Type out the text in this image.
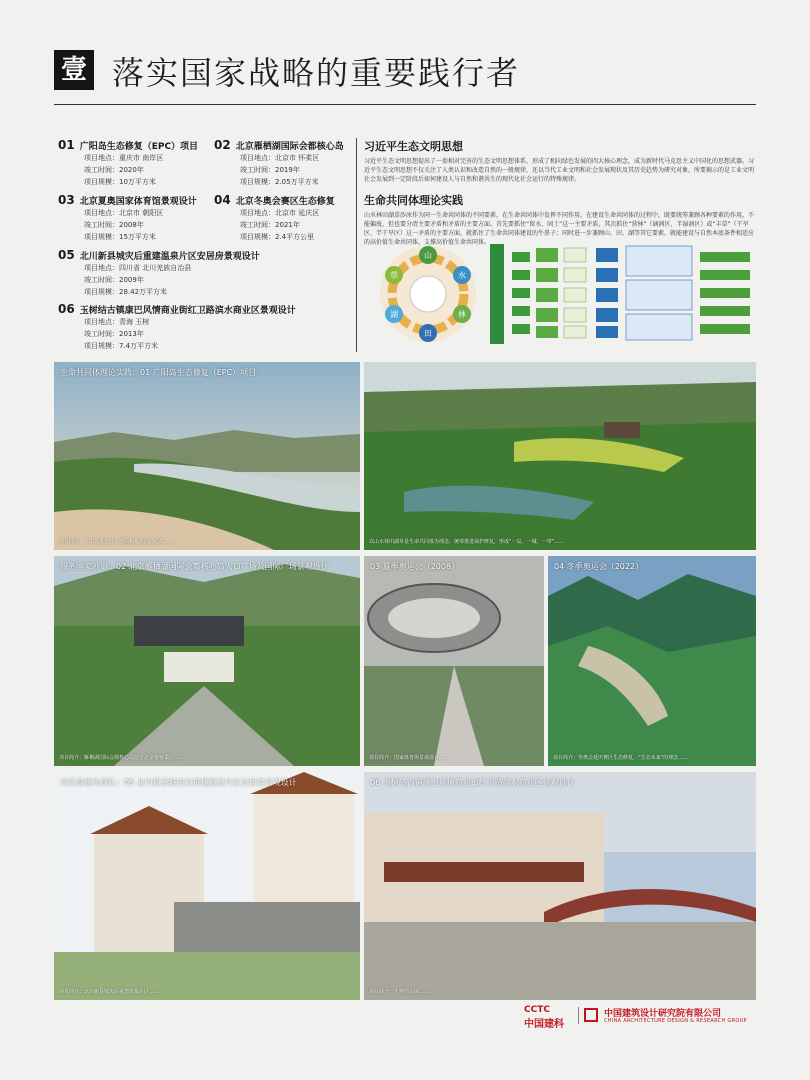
壹 落实国家战略的重要践行者
01 广阳岛生态修复（EPC）项目
项目地点：重庆市 南岸区
竣工时间：2020年
项目规模：10万平方米
02 北京雁栖湖国际会都核心岛
项目地点：北京市 怀柔区
竣工时间：2019年
项目规模：2.05万平方米
03 北京夏奥国家体育馆景观设计
项目地点：北京市 朝阳区
竣工时间：2008年
项目规模：15万平方米
04 北京冬奥会赛区生态修复
项目地点：北京市 延庆区
竣工时间：2021年
项目规模：2.4平方公里
05 北川新县城灾后重建温泉片区安居房景观设计
项目地点：四川省 北川羌族自治县
竣工时间：2009年
项目规模：28.42万平方米
06 玉树结古镇康巴风情商业街红卫路滨水商业区景观设计
项目地点：青海 玉树
竣工时间：2013年
项目规模：7.4万平方米
习近平生态文明思想
习近平生态文明思想提出了一套相对完善的生态文明思想体系，形成了相向绿色发展的四大核心理念，成为新时代马克思主义中国化的思想武器。习近平生态文明思想不仅关注了人类认识和改造自然的一般规律，还以当代工业文明和社会发展现状及其历史趋势为研究对象，所要揭示的是工业文明社会发展到一定阶段后如何建设人与自然和谐共生的现代化社会运行的特殊规律。
生命共同体理论实践
山水林田湖草沙冰作为同一生命共同体的不同要素，在生命共同体中发挥不同作用。在建设生命共同体的过程中，既要统筹兼顾各种要素的作用，不能偏废，但也要分清主要矛盾和矛盾的主要方面。首先要抓住“留水、固土”这一主要矛盾，其次抓住“营林”（涵润区、半湿润区）或“丰草”（干旱区、半干旱区）这一矛盾的主要方面，就抓住了生命共同体建设的牛鼻子；同时进一步兼顾山、田、湖等其它要素，就能建设与自然本底条件相适应的高价值生命共同体，支撑高价值生命共同体。
山
水
林
田
湖
草
生命共同体理论实践：01 广阳岛生态修复（EPC）项目
项目简介：广阳岛是长江上游面积最大的江心岛……	以山水林田湖草是生命共同体为理念，统筹推进保护修复，形成“一岛、一城、一带”……
服务国家外事：02 北京雁栖湖国际会都核心岛人口广场及国际广场景观设计
项目简介：雁栖湖国际会都核心岛位于北京市怀柔区……
03 夏季奥运会（2008）
项目简介：国家体育场景观设计……
04 冬季奥运会（2022）
项目简介：冬奥会延庆赛区生态修复，“生态未来”的理念……
灾后重建先锋队：05 北川新县城灾后重建温泉片区安居房景观设计
项目简介：北川新县城灾后重建温泉片区……
06 玉树结古镇康巴风情商业街红卫路滨水商业区景观设计
项目简介：玉树结古镇……
CCTC
中国建科
中国建筑设计研究院有限公司
CHINA ARCHITECTURE DESIGN & RESEARCH GROUP
